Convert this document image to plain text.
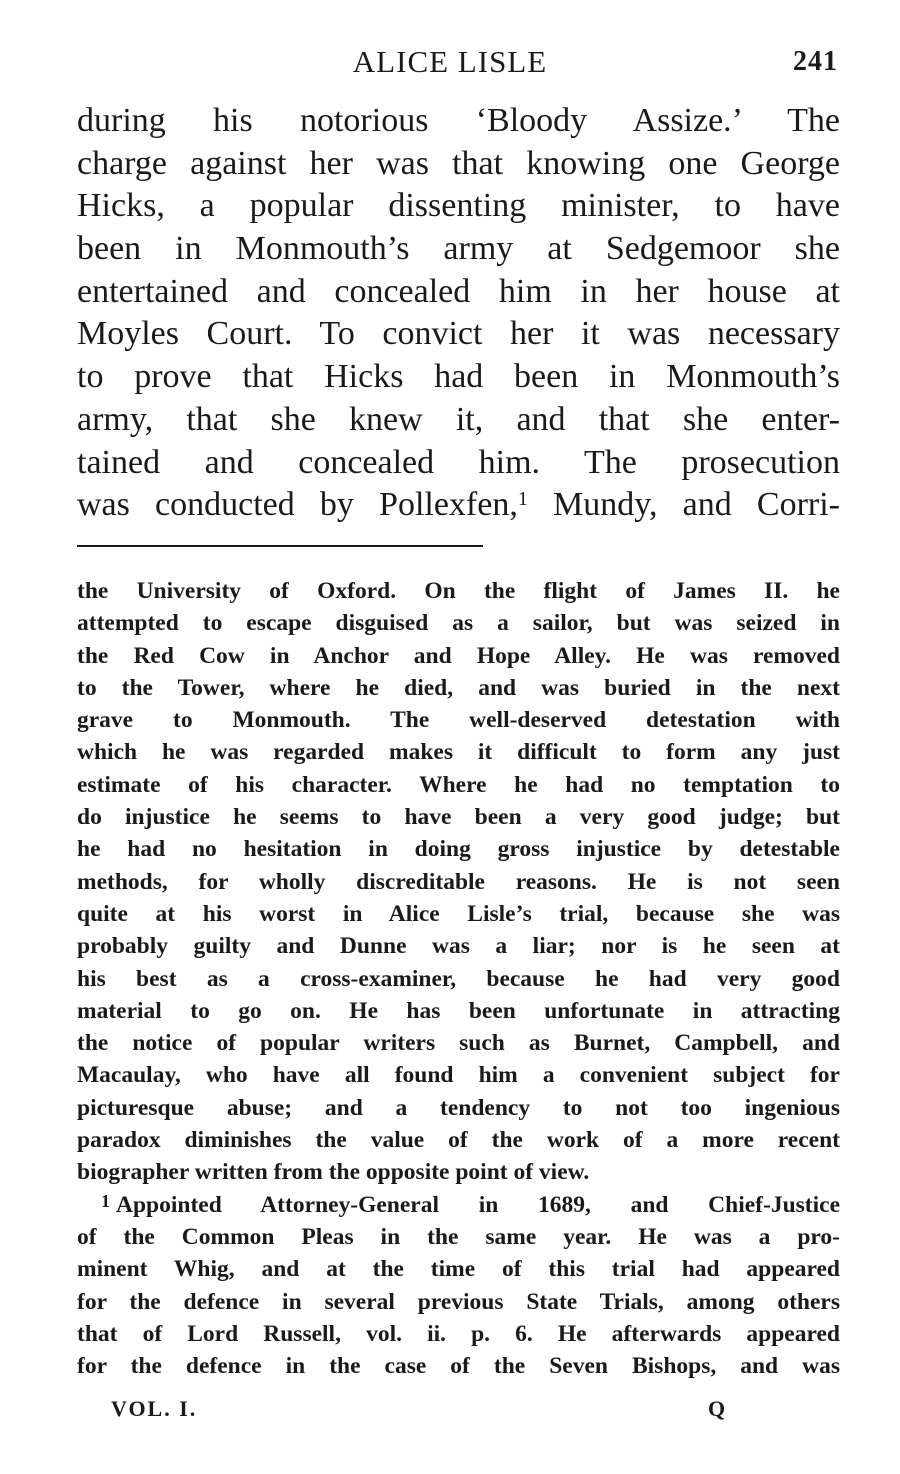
ALICE LISLE	241
during his notorious ‘Bloody Assize.’ The
charge against her was that knowing one George
Hicks, a popular dissenting minister, to have
been in Monmouth’s army at Sedgemoor she
entertained and concealed him in her house at
Moyles Court. To convict her it was necessary
to prove that Hicks had been in Monmouth’s
army, that she knew it, and that she enter-
tained and concealed him. The prosecution
was conducted by Pollexfen,$^1$ Mundy, and Corri-
the University of Oxford. On the flight of James II. he
attempted to escape disguised as a sailor, but was seized in
the Red Cow in Anchor and Hope Alley. He was removed
to the Tower, where he died, and was buried in the next
grave to Monmouth. The well-deserved detestation with
which he was regarded makes it difficult to form any just
estimate of his character. Where he had no temptation to
do injustice he seems to have been a very good judge; but
he had no hesitation in doing gross injustice by detestable
methods, for wholly discreditable reasons. He is not seen
quite at his worst in Alice Lisle’s trial, because she was
probably guilty and Dunne was a liar; nor is he seen at
his best as a cross-examiner, because he had very good
material to go on. He has been unfortunate in attracting
the notice of popular writers such as Burnet, Campbell, and
Macaulay, who have all found him a convenient subject for
picturesque abuse; and a tendency to not too ingenious
paradox diminishes the value of the work of a more recent
biographer written from the opposite point of view.
$^1$ Appointed Attorney-General in 1689, and Chief-Justice
of the Common Pleas in the same year. He was a pro-
minent Whig, and at the time of this trial had appeared
for the defence in several previous State Trials, among others
that of Lord Russell, vol. ii. p. 6. He afterwards appeared
for the defence in the case of the Seven Bishops, and was
VOL. I.	Q
